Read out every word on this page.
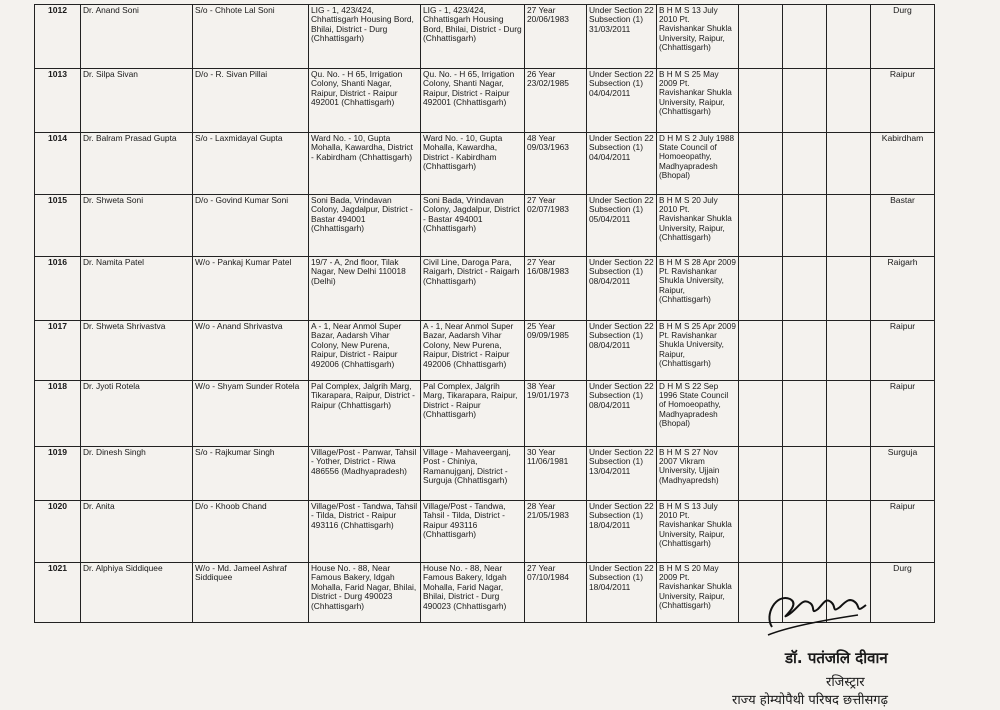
1012	Dr. Anand Soni	S/o - Chhote Lal Soni	LIG - 1, 423/424, Chhattisgarh Housing Bord, Bhilai, District - Durg (Chhattisgarh)	LIG - 1, 423/424, Chhattisgarh Housing Bord, Bhilai, District - Durg (Chhattisgarh)	27 Year 20/06/1983	Under Section 22 Subsection (1) 31/03/2011	B H M S 13 July 2010 Pt. Ravishankar Shukla University, Raipur, (Chhattisgarh)				Durg
1013	Dr. Silpa Sivan	D/o - R. Sivan Pillai	Qu. No. - H 65, Irrigation Colony, Shanti Nagar, Raipur, District - Raipur 492001 (Chhattisgarh)	Qu. No. - H 65, Irrigation Colony, Shanti Nagar, Raipur, District - Raipur 492001 (Chhattisgarh)	26 Year 23/02/1985	Under Section 22 Subsection (1) 04/04/2011	B H M S 25 May 2009 Pt. Ravishankar Shukla University, Raipur, (Chhattisgarh)				Raipur
1014	Dr. Balram Prasad Gupta	S/o - Laxmidayal Gupta	Ward No. - 10, Gupta Mohalla, Kawardha, District - Kabirdham (Chhattisgarh)	Ward No. - 10, Gupta Mohalla, Kawardha, District - Kabirdham (Chhattisgarh)	48 Year 09/03/1963	Under Section 22 Subsection (1) 04/04/2011	D H M S 2 July 1988 State Council of Homoeopathy, Madhyapradesh (Bhopal)				Kabirdham
1015	Dr. Shweta Soni	D/o - Govind Kumar Soni	Soni Bada, Vrindavan Colony, Jagdalpur, District - Bastar 494001 (Chhattisgarh)	Soni Bada, Vrindavan Colony, Jagdalpur, District - Bastar 494001 (Chhattisgarh)	27 Year 02/07/1983	Under Section 22 Subsection (1) 05/04/2011	B H M S 20 July 2010 Pt. Ravishankar Shukla University, Raipur, (Chhattisgarh)				Bastar
1016	Dr. Namita Patel	W/o - Pankaj Kumar Patel	19/7 - A, 2nd floor, Tilak Nagar, New Delhi 110018 (Delhi)	Civil Line, Daroga Para, Raigarh, District - Raigarh (Chhattisgarh)	27 Year 16/08/1983	Under Section 22 Subsection (1) 08/04/2011	B H M S 28 Apr 2009 Pt. Ravishankar Shukla University, Raipur, (Chhattisgarh)				Raigarh
1017	Dr. Shweta Shrivastva	W/o - Anand Shrivastva	A - 1, Near Anmol Super Bazar, Aadarsh Vihar Colony, New Purena, Raipur, District - Raipur 492006 (Chhattisgarh)	A - 1, Near Anmol Super Bazar, Aadarsh Vihar Colony, New Purena, Raipur, District - Raipur 492006 (Chhattisgarh)	25 Year 09/09/1985	Under Section 22 Subsection (1) 08/04/2011	B H M S 25 Apr 2009 Pt. Ravishankar Shukla University, Raipur, (Chhattisgarh)				Raipur
1018	Dr. Jyoti Rotela	W/o - Shyam Sunder Rotela	Pal Complex, Jalgrih Marg, Tikarapara, Raipur, District - Raipur (Chhattisgarh)	Pal Complex, Jalgrih Marg, Tikarapara, Raipur, District - Raipur (Chhattisgarh)	38 Year 19/01/1973	Under Section 22 Subsection (1) 08/04/2011	D H M S 22 Sep 1996 State Council of Homoeopathy, Madhyapradesh (Bhopal)				Raipur
1019	Dr. Dinesh Singh	S/o - Rajkumar Singh	Village/Post - Panwar, Tahsil - Yother, District - Riwa 486556 (Madhyapradesh)	Village - Mahaveerganj, Post - Chiniya, Ramanujganj, District - Surguja (Chhattisgarh)	30 Year 11/06/1981	Under Section 22 Subsection (1) 13/04/2011	B H M S 27 Nov 2007 Vikram University, Ujjain (Madhyapredsh)				Surguja
1020	Dr. Anita	D/o - Khoob Chand	Village/Post - Tandwa, Tahsil - Tilda, District - Raipur 493116 (Chhattisgarh)	Village/Post - Tandwa, Tahsil - Tilda, District - Raipur 493116 (Chhattisgarh)	28 Year 21/05/1983	Under Section 22 Subsection (1) 18/04/2011	B H M S 13 July 2010 Pt. Ravishankar Shukla University, Raipur, (Chhattisgarh)				Raipur
1021	Dr. Alphiya Siddiquee	W/o - Md. Jameel Ashraf Siddiquee	House No. - 88, Near Famous Bakery, Idgah Mohalla, Farid Nagar, Bhilai, District - Durg 490023 (Chhattisgarh)	House No. - 88, Near Famous Bakery, Idgah Mohalla, Farid Nagar, Bhilai, District - Durg 490023 (Chhattisgarh)	27 Year 07/10/1984	Under Section 22 Subsection (1) 18/04/2011	B H M S 20 May 2009 Pt. Ravishankar Shukla University, Raipur, (Chhattisgarh)				Durg
डॉ. पतंजलि दीवान
रजिस्ट्रार
राज्य होम्योपैथी परिषद छत्तीसगढ़
